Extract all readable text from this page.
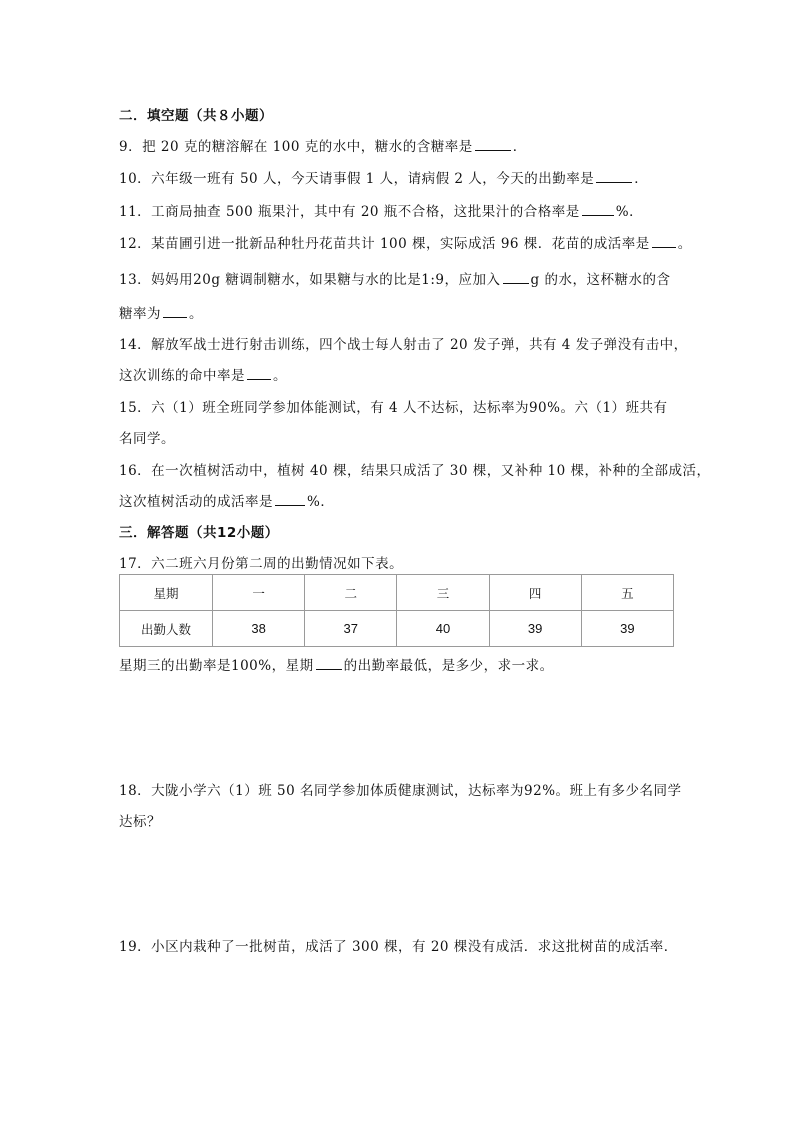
二．填空题（共８小题）
9．把 20 克的糖溶解在 100 克的水中，糖水的含糖率是	．
10．六年级一班有 50 人，今天请事假 1 人，请病假 2 人，今天的出勤率是	．
11．工商局抽查 500 瓶果汁，其中有 20 瓶不合格，这批果汁的合格率是	%．
12．某苗圃引进一批新品种牡丹花苗共计 100 棵，实际成活 96 棵．花苗的成活率是 。
13．妈妈用20g 糖调制糖水，如果糖与水的比是1:9，应加入 g 的水，这杯糖水的含
糖率为 。
14．解放军战士进行射击训练，四个战士每人射击了 20 发子弹，共有 4 发子弹没有击中，
这次训练的命中率是 。
15．六（1）班全班同学参加体能测试，有 4 人不达标，达标率为90%。六（1）班共有
名同学。
16．在一次植树活动中，植树 40 棵，结果只成活了 30 棵，又补种 10 棵，补种的全部成活，
这次植树活动的成活率是	%．
三．解答题（共12小题）
17．六二班六月份第二周的出勤情况如下表。
星期	一	二	三	四	五
出勤人数	38	37	40	39	39
星期三的出勤率是100%，星期 的出勤率最低，是多少，求一求。
18．大陇小学六（1）班 50 名同学参加体质健康测试，达标率为92%。班上有多少名同学
达标？
19．小区内栽种了一批树苗，成活了 300 棵，有 20 棵没有成活．求这批树苗的成活率．
